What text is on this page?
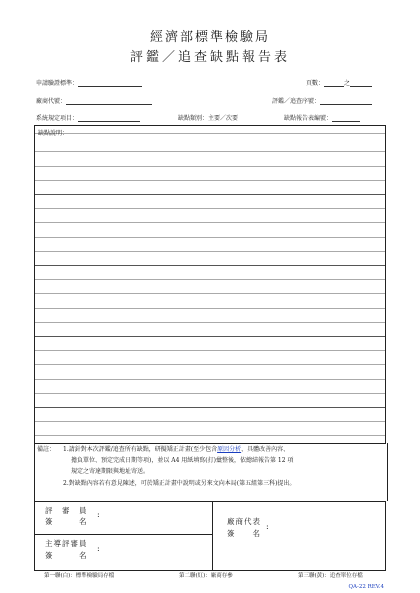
經濟部標準檢驗局
評鑑／追查缺點報告表
申請驗證標準：	頁數：	之
廠商代號：	評鑑／追查序號：
系統規定項目：	缺點類別：主要／次要	缺點報告表編號：
缺點說明：
備註： 1.請針對本次評鑑/追查所有缺點，研擬矯正計畫(至少包含原因分析、具體改善內容、
擔負單位、預定完成日期等項)，並以 A4 用紙填寫(打)彙整後，依總結報告第 12 項
規定之寄達期限與地址寄送。
2.對缺點內容若有意見陳述，可於矯正計畫中說明或另來文向本局(第五組第三科)提出。
評　審　員
簽　　　名
:
主導評審員
簽　　　名
:
廠商代表
簽　　名
:
第一聯(白)：標準檢驗局存檔	第二聯(紅)：廠商存參	第三聯(黃)：追查單位存檔
QA-22 REV.4
